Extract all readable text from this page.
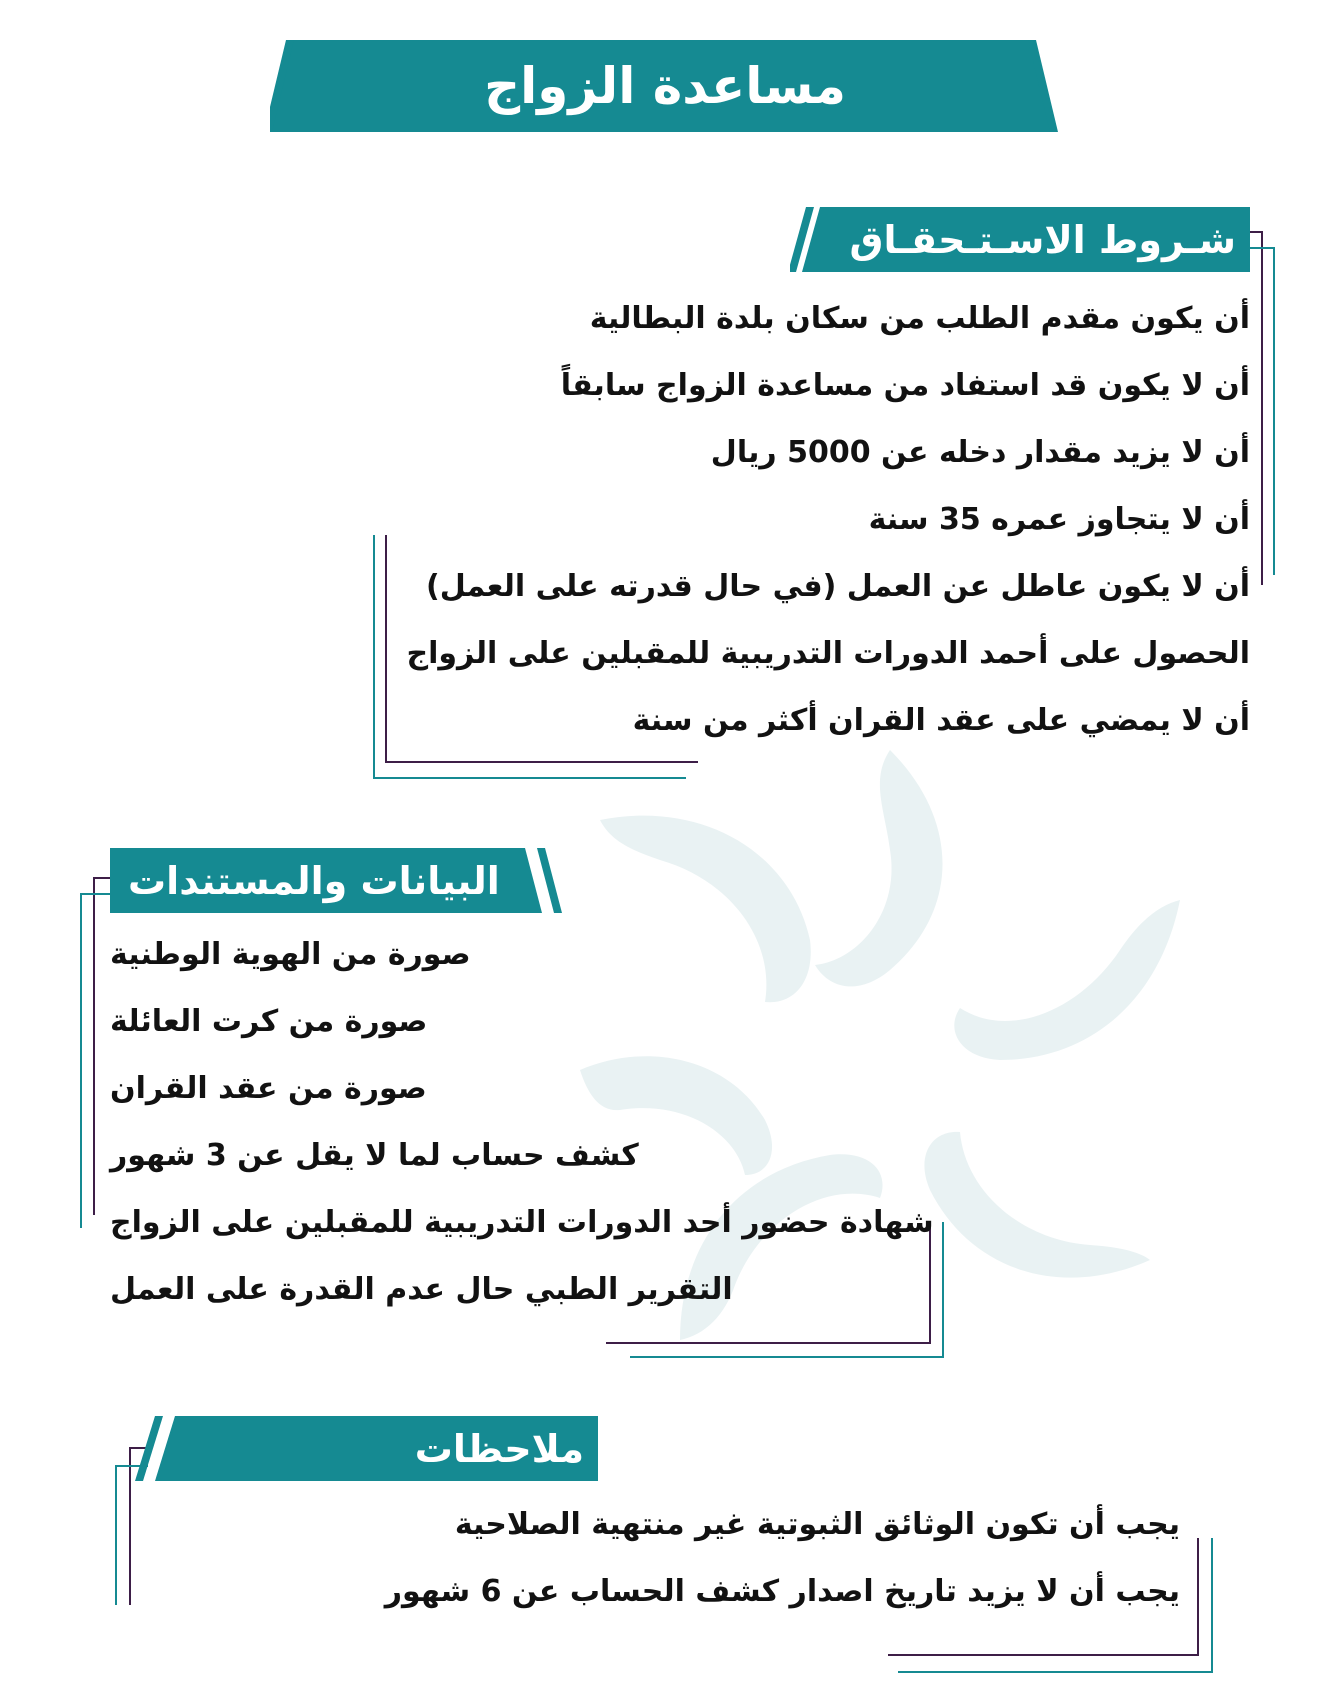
مساعدة الزواج
شـروط الاسـتـحقـاق
أن يكون مقدم الطلب من سكان بلدة البطالية
أن لا يكون قد استفاد من مساعدة الزواج سابقاً
أن لا يزيد مقدار دخله عن 5000 ريال
أن لا يتجاوز عمره 35 سنة
أن لا يكون عاطل عن العمل (في حال قدرته على العمل)
الحصول على أحمد الدورات التدريبية للمقبلين على الزواج
أن لا يمضي على عقد القران أكثر من سنة
البيانات والمستندات
صورة من الهوية الوطنية
صورة من كرت العائلة
صورة من عقد القران
كشف حساب لما لا يقل عن 3 شهور
شهادة حضور أحد الدورات التدريبية للمقبلين على الزواج
التقرير الطبي حال عدم القدرة على العمل
ملاحظات
يجب أن تكون الوثائق الثبوتية غير منتهية الصلاحية
يجب أن لا يزيد تاريخ اصدار كشف الحساب عن 6 شهور
